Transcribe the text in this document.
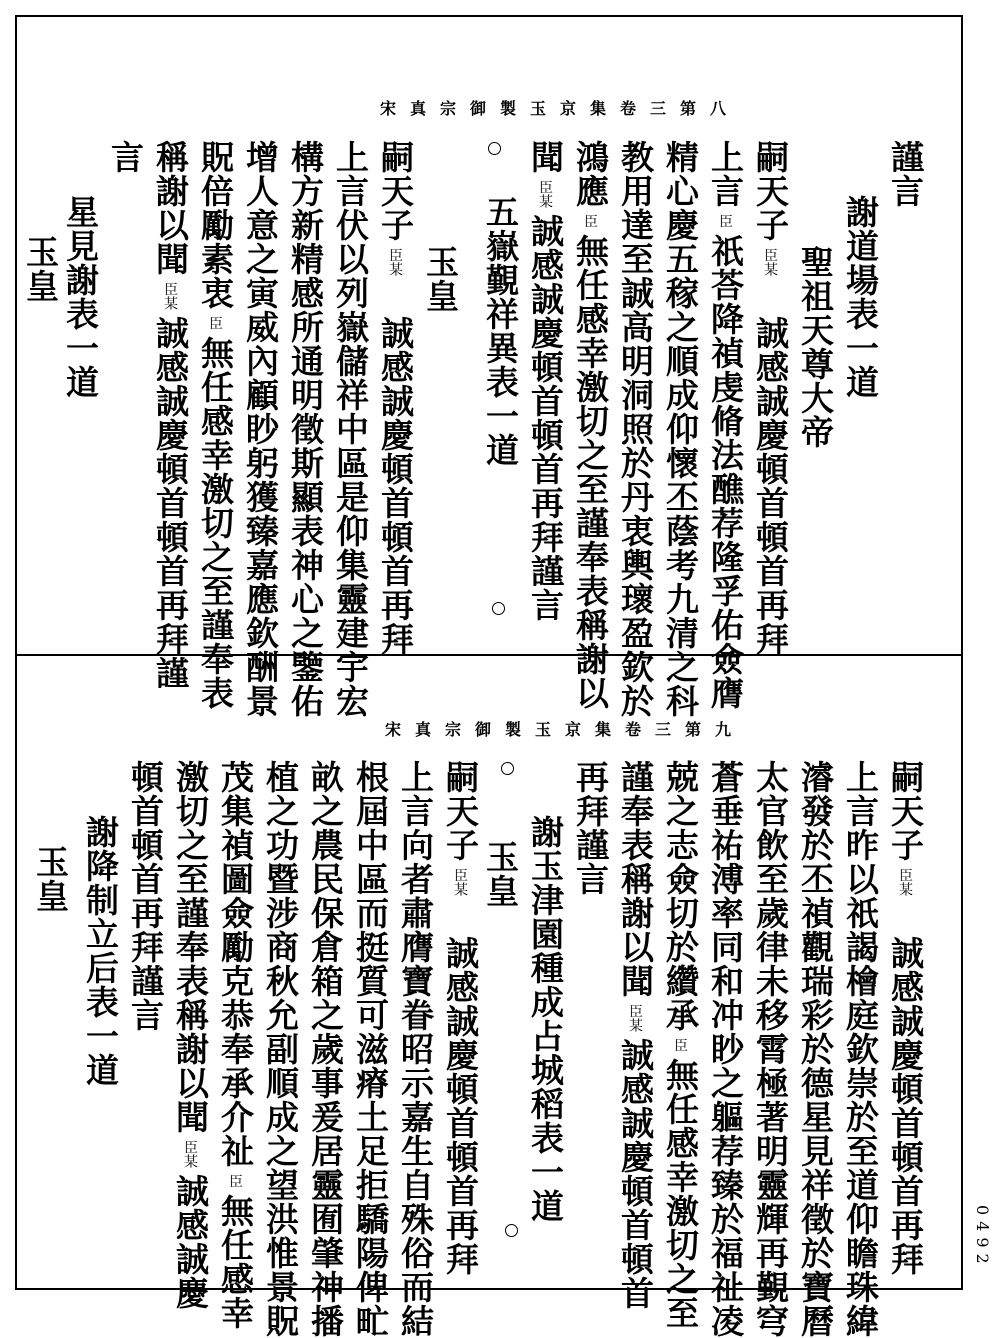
0492
宋真宗御製玉京集卷三第八
宋真宗御製玉京集卷三第九
謹言
謝道場表一道
聖祖天尊大帝
嗣天子臣某　誠感誠慶頓首頓首再拜
上言臣祇荅降禎虔脩法醮荐隆孚佑僉膺
精心慶五稼之順成仰懷丕蔭考九清之科
教用達至誠高明洞照於丹衷輿瓌盈欽於
鴻應臣無任感幸激切之至謹奉表稱謝以
聞臣某誠感誠慶頓首頓首再拜謹言
五嶽覲祥異表一道
玉皇
嗣天子臣某　誠感誠慶頓首頓首再拜
上言伏以列嶽儲祥中區是仰集靈建宇宏
構方新精感所通明徵斯顯表神心之鑒佑
增人意之寅威內顧眇躬獲臻嘉應欽酬景
貺倍勵素衷臣無任感幸激切之至謹奉表
稱謝以聞臣某誠感誠慶頓首頓首再拜謹
言
星見謝表一道
玉皇
嗣天子臣某　誠感誠慶頓首頓首再拜
上言昨以祇謁檜庭欽崇於至道仰瞻珠緯
濬發於丕禎觀瑞彩於德星見祥徵於寶曆
太官飲至歲律未移霄極著明靈輝再覲穹
蒼垂祐溥率同和冲眇之軀荐臻於福祉凌
兢之志僉切於纘承臣無任感幸激切之至
謹奉表稱謝以聞臣某誠感誠慶頓首頓首
再拜謹言
謝玉津園種成占城稻表一道
玉皇
嗣天子臣某　誠感誠慶頓首頓首再拜
上言向者肅膺寶眷昭示嘉生自殊俗而結
根屆中區而挺質可滋瘠土足拒驕陽俾甿
畝之農民保倉箱之歲事爰居靈囿肇神播
植之功暨涉商秋允副順成之望洪惟景貺
茂集禎圖僉勵克恭奉承介祉臣無任感幸
激切之至謹奉表稱謝以聞臣某誠感誠慶
頓首頓首再拜謹言
謝降制立后表一道
玉皇
